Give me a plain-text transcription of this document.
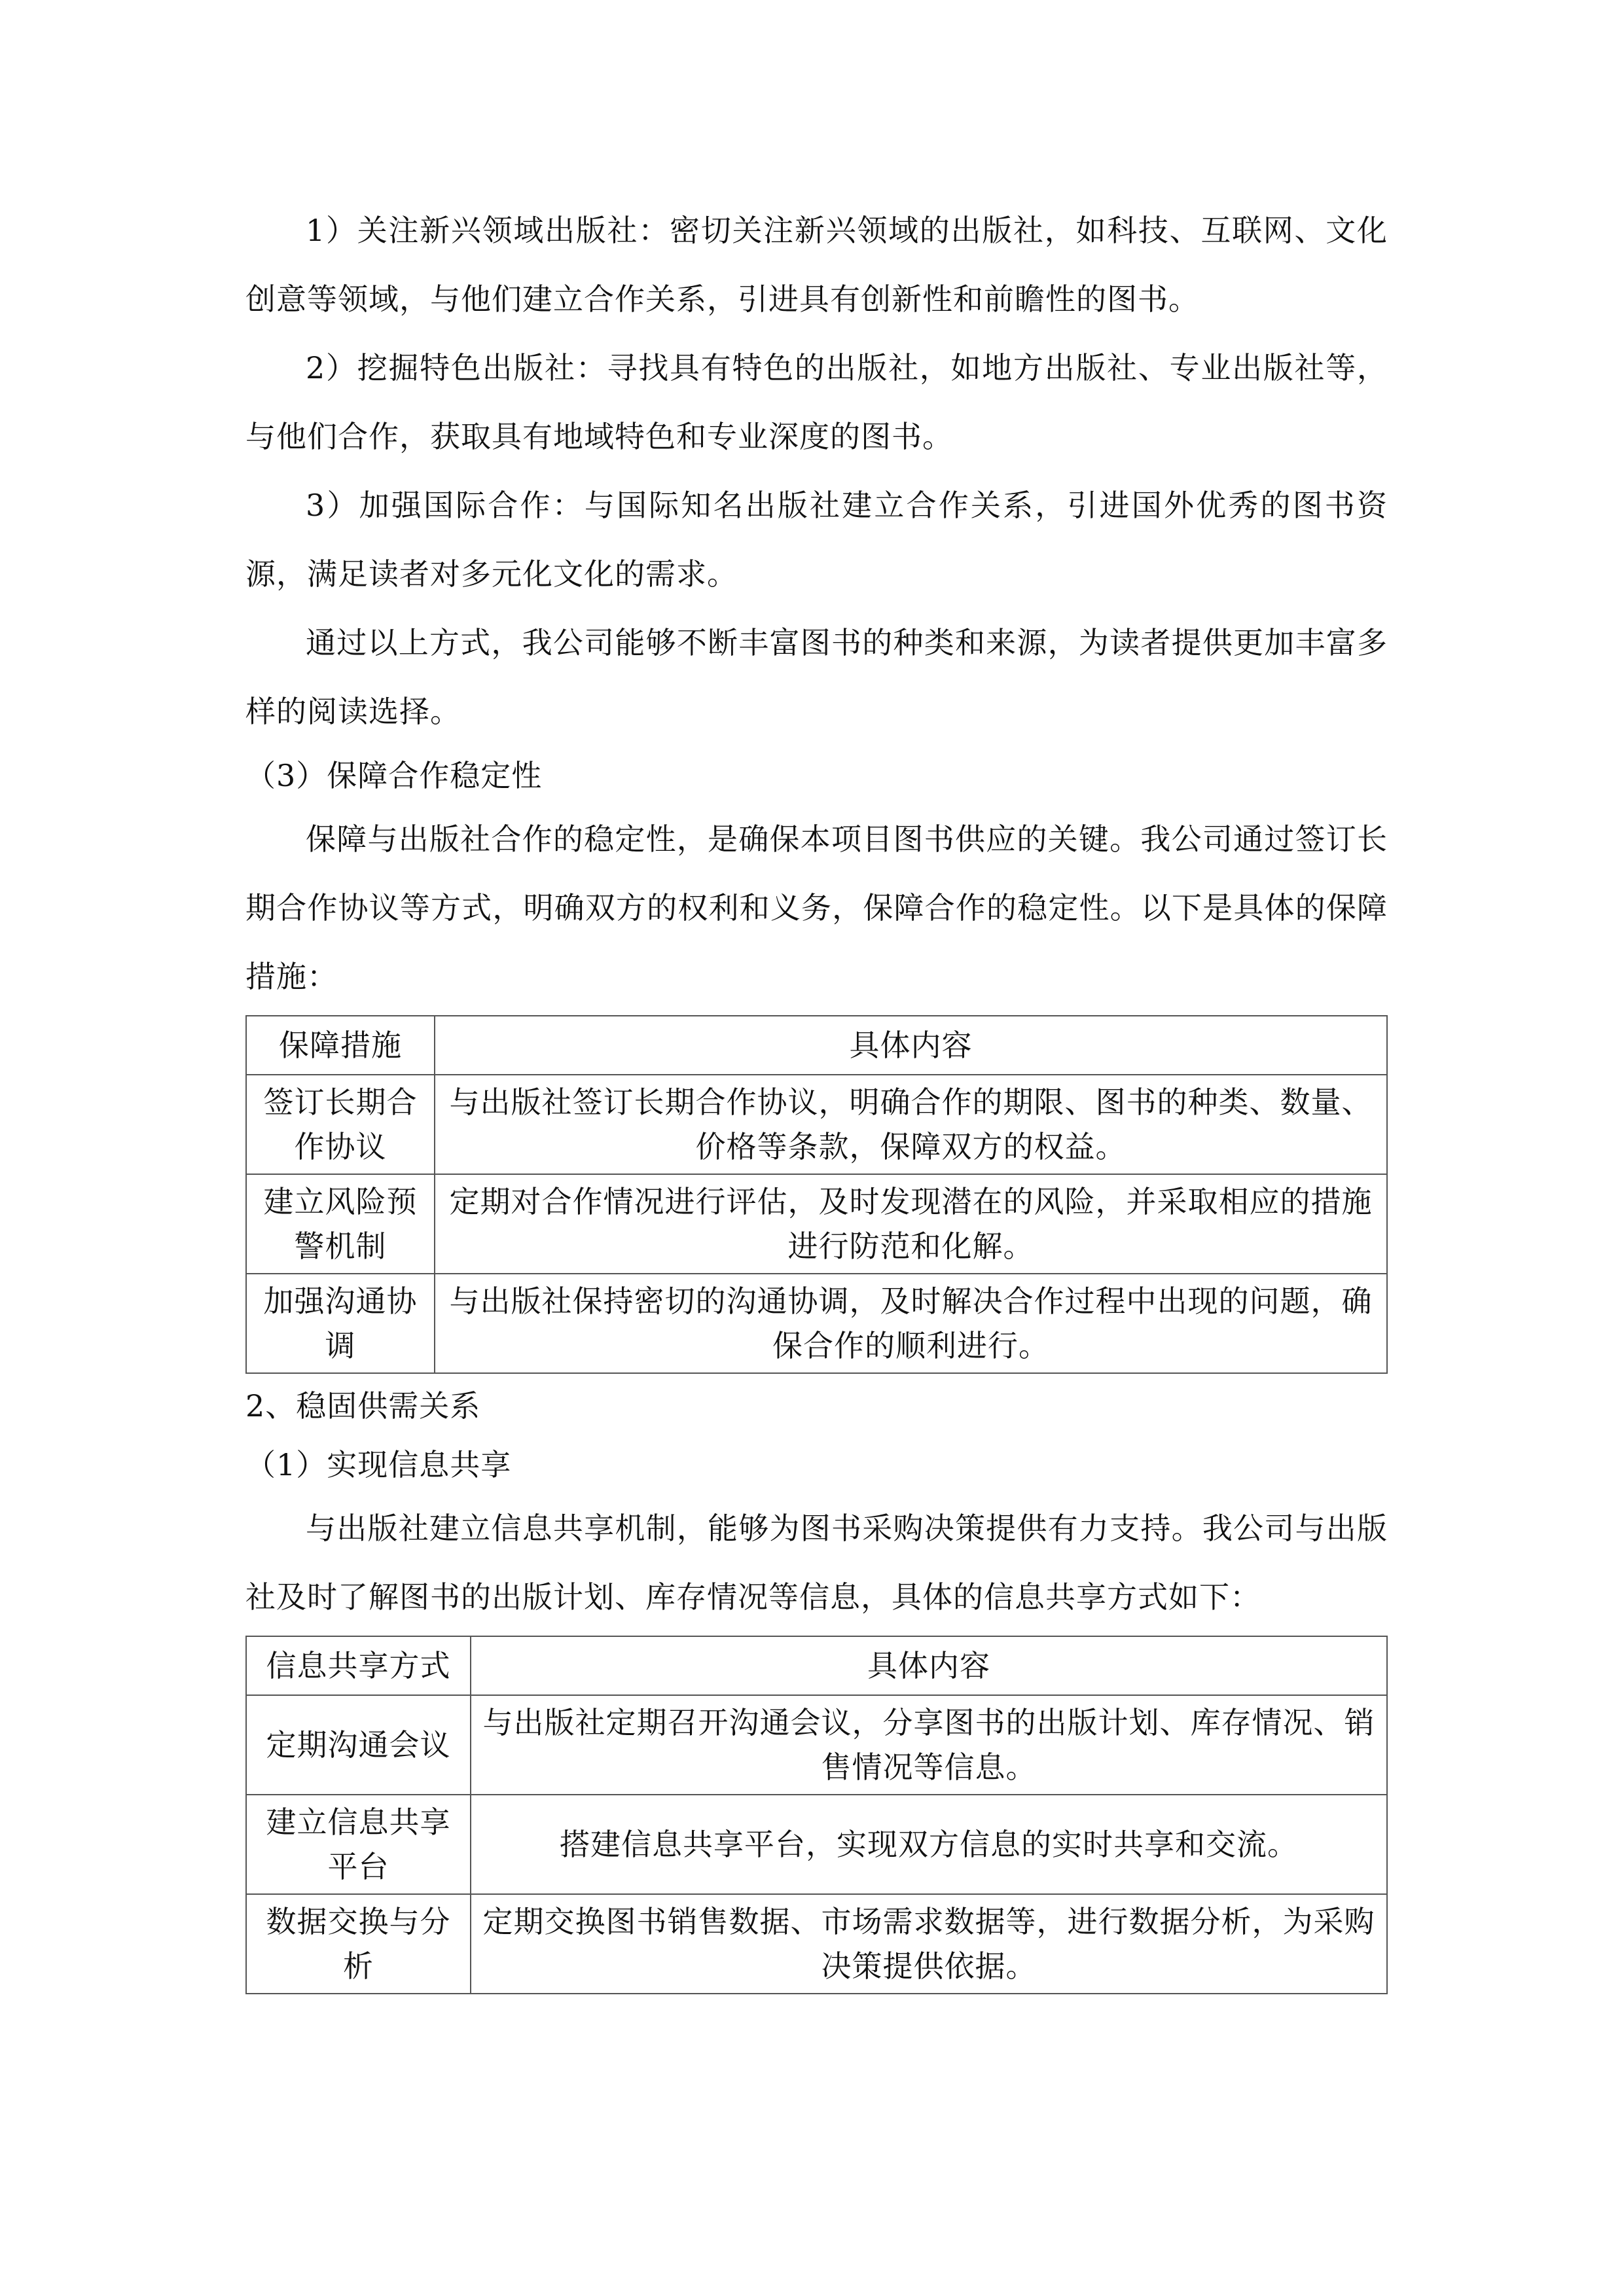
1）关注新兴领域出版社：密切关注新兴领域的出版社，如科技、互联网、文化创意等领域，与他们建立合作关系，引进具有创新性和前瞻性的图书。

2）挖掘特色出版社：寻找具有特色的出版社，如地方出版社、专业出版社等，与他们合作，获取具有地域特色和专业深度的图书。

3）加强国际合作：与国际知名出版社建立合作关系，引进国外优秀的图书资源，满足读者对多元化文化的需求。

通过以上方式，我公司能够不断丰富图书的种类和来源，为读者提供更加丰富多样的阅读选择。

（3）保障合作稳定性

保障与出版社合作的稳定性，是确保本项目图书供应的关键。我公司通过签订长期合作协议等方式，明确双方的权利和义务，保障合作的稳定性。以下是具体的保障措施：

保障措施	具体内容
签订长期合作协议	与出版社签订长期合作协议，明确合作的期限、图书的种类、数量、价格等条款，保障双方的权益。
建立风险预警机制	定期对合作情况进行评估，及时发现潜在的风险，并采取相应的措施进行防范和化解。
加强沟通协调	与出版社保持密切的沟通协调，及时解决合作过程中出现的问题，确保合作的顺利进行。

2、稳固供需关系

（1）实现信息共享

与出版社建立信息共享机制，能够为图书采购决策提供有力支持。我公司与出版社及时了解图书的出版计划、库存情况等信息，具体的信息共享方式如下：

信息共享方式	具体内容
定期沟通会议	与出版社定期召开沟通会议，分享图书的出版计划、库存情况、销售情况等信息。
建立信息共享平台	搭建信息共享平台，实现双方信息的实时共享和交流。
数据交换与分析	定期交换图书销售数据、市场需求数据等，进行数据分析，为采购决策提供依据。
